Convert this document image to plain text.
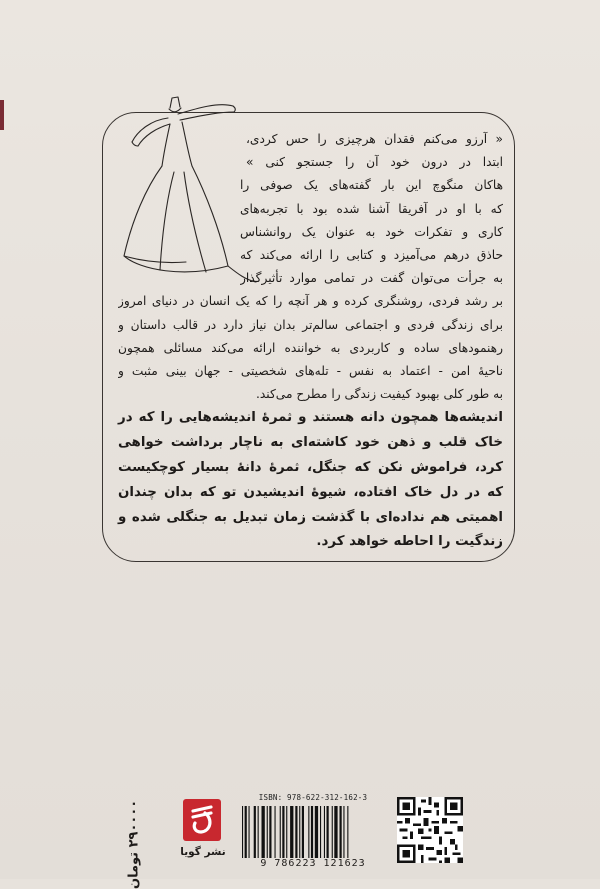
« آرزو می‌کنم فقدان هرچیزی را حس کردی،
ابتدا در درون خود آن را جستجو کنی »
هاکان منگوچ این بار گفته‌های یک صوفی را
که با او در آفریقا آشنا شده بود با تجربه‌های
کاری و تفکرات خود به عنوان یک روانشناس
حاذق درهم می‌آمیزد و کتابی را ارائه می‌کند که
به جرأت می‌توان گفت در تمامی موارد تأثیرگذار
بر رشد فردی، روشنگری کرده و هر آنچه را که یک انسان در دنیای امروز
برای زندگی فردی و اجتماعی سالم‌تر بدان نیاز دارد در قالب داستان و
رهنمودهای ساده و کاربردی به خواننده ارائه می‌کند مسائلی همچون
ناحیهٔ امن - اعتماد به نفس - تله‌های شخصیتی - جهان بینی مثبت و
به طور کلی بهبود کیفیت زندگی را مطرح می‌کند.
اندیشه‌ها همچون دانه هستند و ثمرهٔ اندیشه‌هایی را که در
خاک قلب و ذهن خود کاشته‌ای به ناچار برداشت خواهی
کرد، فراموش نکن که جنگل، ثمرهٔ دانهٔ بسیار کوچکیست
که در دل خاک افتاده، شیوهٔ اندیشیدن تو که بدان چندان
اهمیتی هم نداده‌ای با گذشت زمان تبدیل به جنگلی شده و
زندگیت را احاطه خواهد کرد.
ISBN: 978-622-312-162-3
9 786223 121623
نشر گویا
۲۹۰۰۰۰ تومان
